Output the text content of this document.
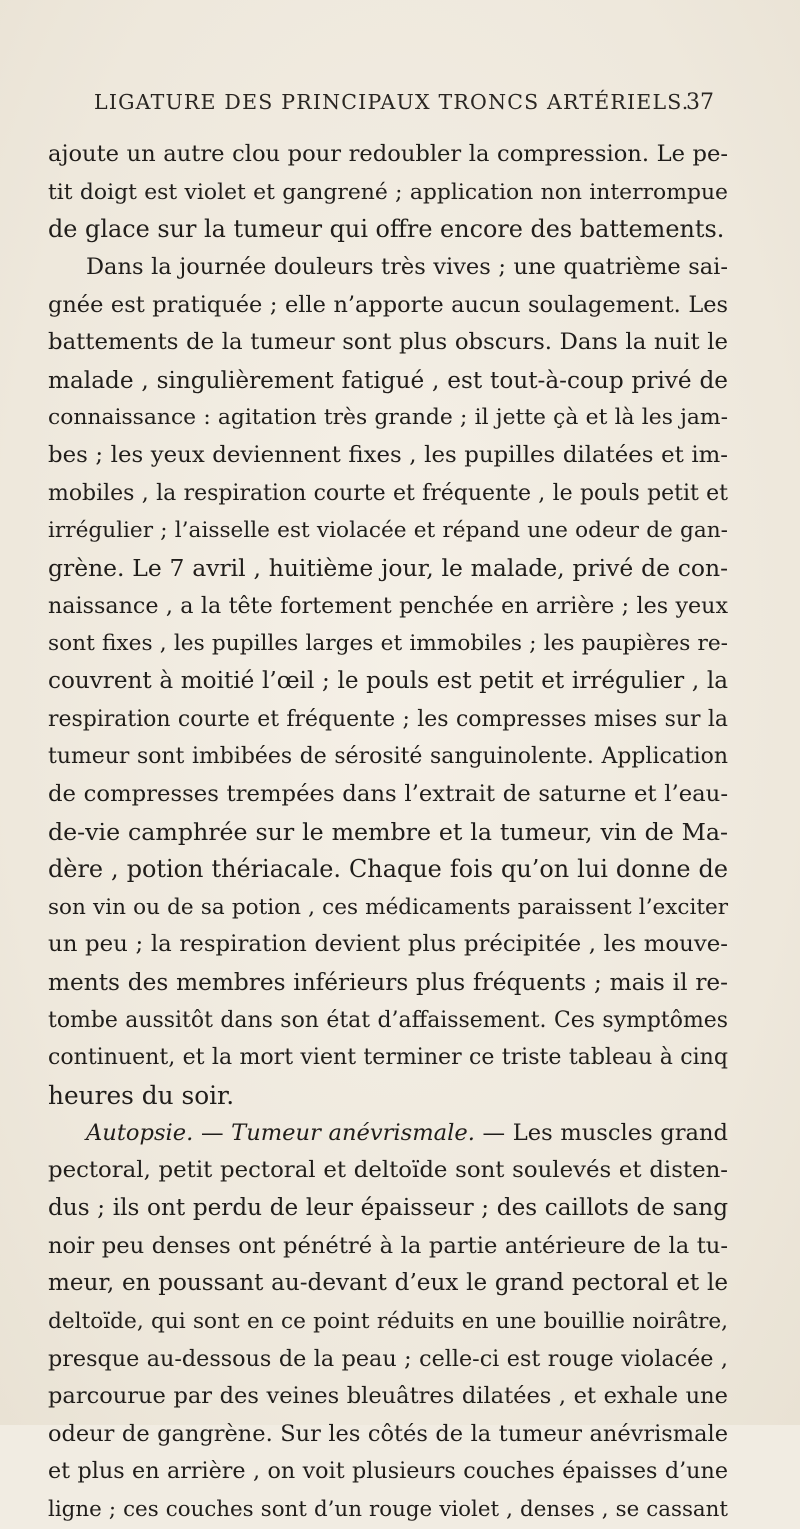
LIGATURE DES PRINCIPAUX TRONCS ARTÉRIELS.
37
ajoute un autre clou pour redoubler la compression. Le pe-
tit doigt est violet et gangrené ; application non interrompue
de glace sur la tumeur qui offre encore des battements.
Dans la journée douleurs très vives ; une quatrième sai-
gnée est pratiquée ; elle n’apporte aucun soulagement. Les
battements de la tumeur sont plus obscurs. Dans la nuit le
malade , singulièrement fatigué , est tout-à-coup privé de
connaissance : agitation très grande ; il jette çà et là les jam-
bes ; les yeux deviennent fixes , les pupilles dilatées et im-
mobiles , la respiration courte et fréquente , le pouls petit et
irrégulier ; l’aisselle est violacée et répand une odeur de gan-
grène. Le 7 avril , huitième jour, le malade, privé de con-
naissance , a la tête fortement penchée en arrière ; les yeux
sont fixes , les pupilles larges et immobiles ; les paupières re-
couvrent à moitié l’œil ; le pouls est petit et irrégulier , la
respiration courte et fréquente ; les compresses mises sur la
tumeur sont imbibées de sérosité sanguinolente. Application
de compresses trempées dans l’extrait de saturne et l’eau-
de-vie camphrée sur le membre et la tumeur, vin de Ma-
dère , potion thériacale. Chaque fois qu’on lui donne de
son vin ou de sa potion , ces médicaments paraissent l’exciter
un peu ; la respiration devient plus précipitée , les mouve-
ments des membres inférieurs plus fréquents ; mais il re-
tombe aussitôt dans son état d’affaissement. Ces symptômes
continuent, et la mort vient terminer ce triste tableau à cinq
heures du soir.
Autopsie. — Tumeur anévrismale. — Les muscles grand
pectoral, petit pectoral et deltoïde sont soulevés et disten-
dus ; ils ont perdu de leur épaisseur ; des caillots de sang
noir peu denses ont pénétré à la partie antérieure de la tu-
meur, en poussant au-devant d’eux le grand pectoral et le
deltoïde, qui sont en ce point réduits en une bouillie noirâtre,
presque au-dessous de la peau ; celle-ci est rouge violacée ,
parcourue par des veines bleuâtres dilatées , et exhale une
odeur de gangrène. Sur les côtés de la tumeur anévrismale
et plus en arrière , on voit plusieurs couches épaisses d’une
ligne ; ces couches sont d’un rouge violet , denses , se cassant
